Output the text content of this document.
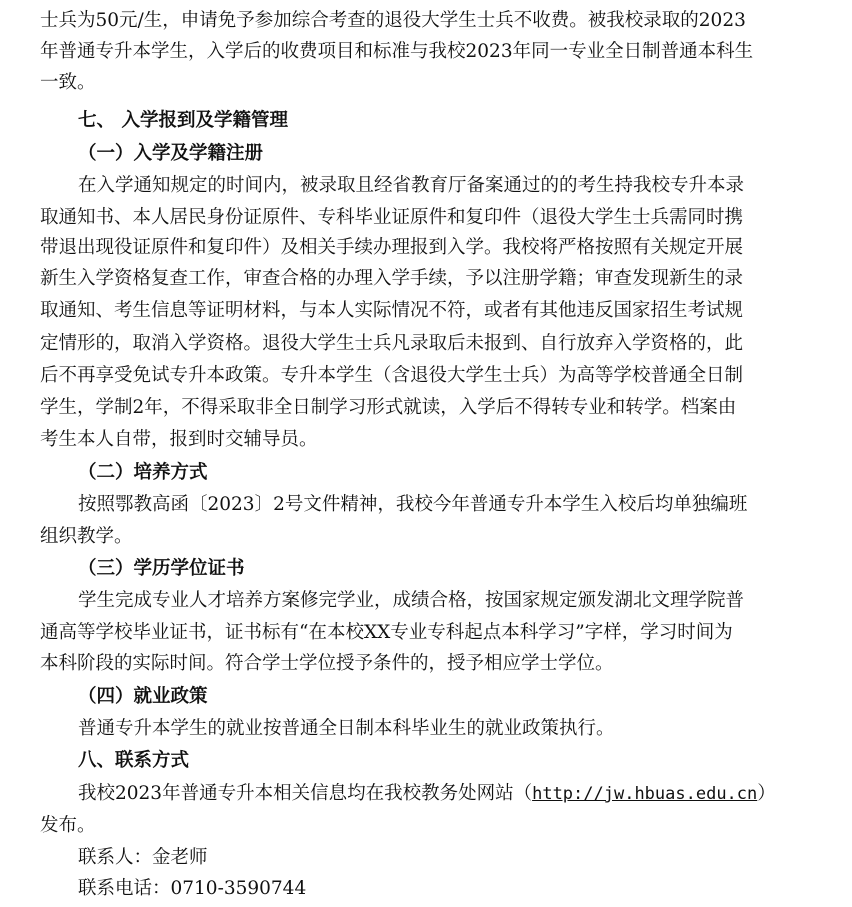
士兵为50元/生，申请免予参加综合考查的退役大学生士兵不收费。被我校录取的2023
年普通专升本学生，入学后的收费项目和标准与我校2023年同一专业全日制普通本科生
一致。
七、 入学报到及学籍管理
（一）入学及学籍注册
在入学通知规定的时间内，被录取且经省教育厅备案通过的的考生持我校专升本录
取通知书、本人居民身份证原件、专科毕业证原件和复印件（退役大学生士兵需同时携
带退出现役证原件和复印件）及相关手续办理报到入学。我校将严格按照有关规定开展
新生入学资格复查工作，审查合格的办理入学手续，予以注册学籍；审查发现新生的录
取通知、考生信息等证明材料，与本人实际情况不符，或者有其他违反国家招生考试规
定情形的，取消入学资格。退役大学生士兵凡录取后未报到、自行放弃入学资格的，此
后不再享受免试专升本政策。专升本学生（含退役大学生士兵）为高等学校普通全日制
学生，学制2年，不得采取非全日制学习形式就读，入学后不得转专业和转学。档案由
考生本人自带，报到时交辅导员。
（二）培养方式
按照鄂教高函〔2023〕2号文件精神，我校今年普通专升本学生入校后均单独编班
组织教学。
（三）学历学位证书
学生完成专业人才培养方案修完学业，成绩合格，按国家规定颁发湖北文理学院普
通高等学校毕业证书，证书标有“在本校XX专业专科起点本科学习”字样，学习时间为
本科阶段的实际时间。符合学士学位授予条件的，授予相应学士学位。
（四）就业政策
普通专升本学生的就业按普通全日制本科毕业生的就业政策执行。
八、联系方式
我校2023年普通专升本相关信息均在我校教务处网站（http://jw.hbuas.edu.cn）
发布。
联系人：金老师
联系电话：0710-3590744
